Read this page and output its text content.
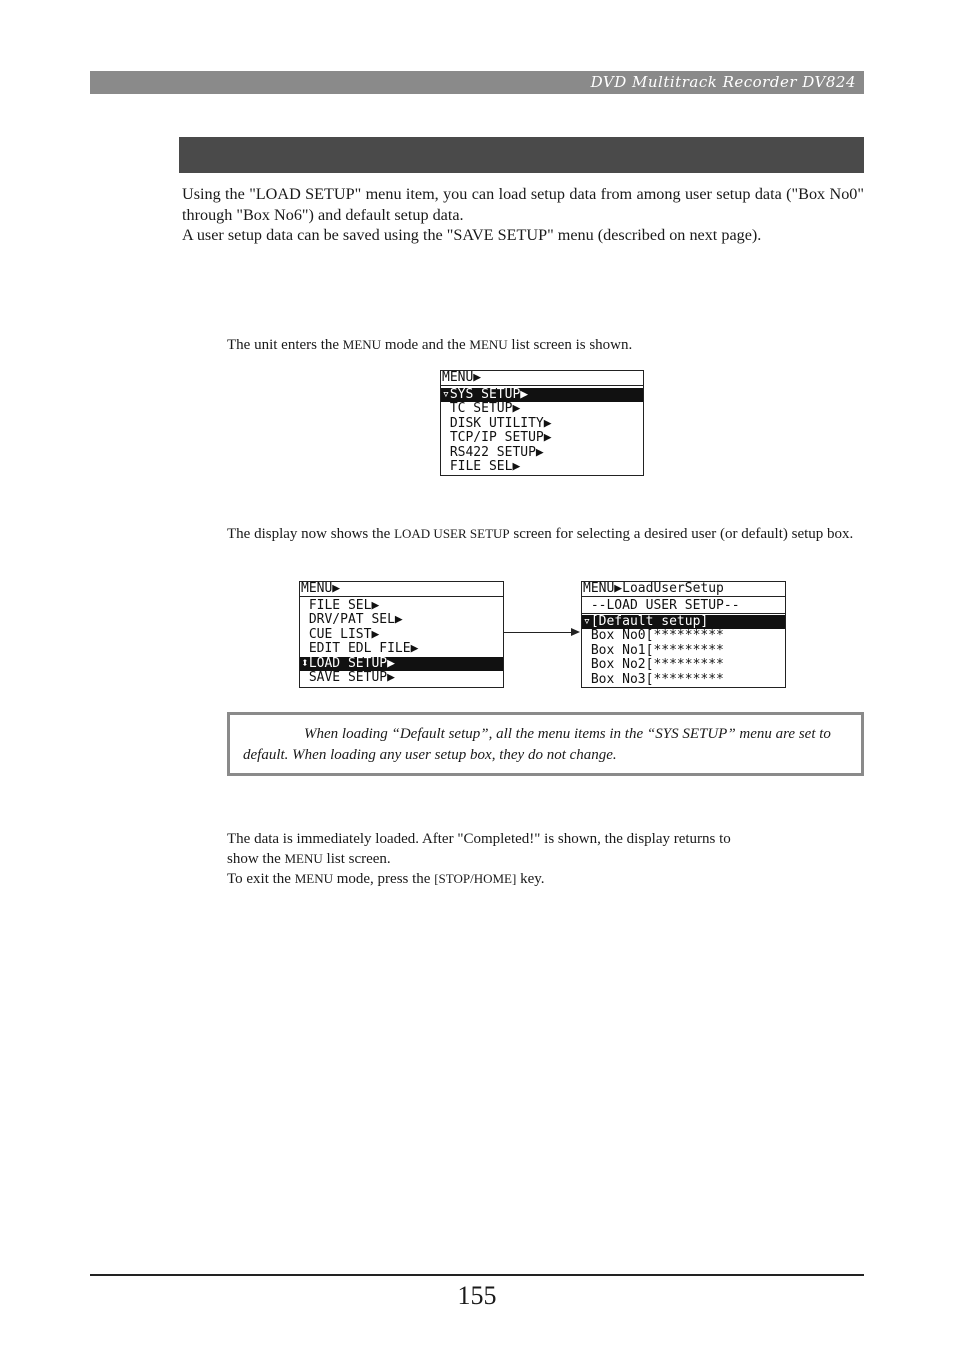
DVD Multitrack Recorder DV824

Using the "LOAD SETUP" menu item, you can load setup data from among user setup data ("Box No0" through "Box No6") and default setup data.

A user setup data can be saved using the "SAVE SETUP" menu (described on next page).

The unit enters the MENU mode and the MENU list screen is shown.

MENU▶
▿SYS SETUP▶
TC SETUP▶
DISK UTILITY▶
TCP/IP SETUP▶
RS422 SETUP▶
FILE SEL▶

The display now shows the LOAD USER SETUP screen for selecting a desired user (or default) setup box.

MENU▶
FILE SEL▶
DRV/PAT SEL▶
CUE LIST▶
EDIT EDL FILE▶
⬍LOAD SETUP▶
SAVE SETUP▶
MENU▶LoadUserSetup
--LOAD USER SETUP--
▿[Default setup]
Box No0[*********
Box No1[*********
Box No2[*********
Box No3[*********
When loading “Default setup”, all the menu items in the “SYS SETUP” menu are set to default. When loading any user setup box, they do not change.

The data is immediately loaded. After "Completed!" is shown, the display returns to

show the MENU list screen.

To exit the MENU mode, press the [STOP/HOME] key.

155
